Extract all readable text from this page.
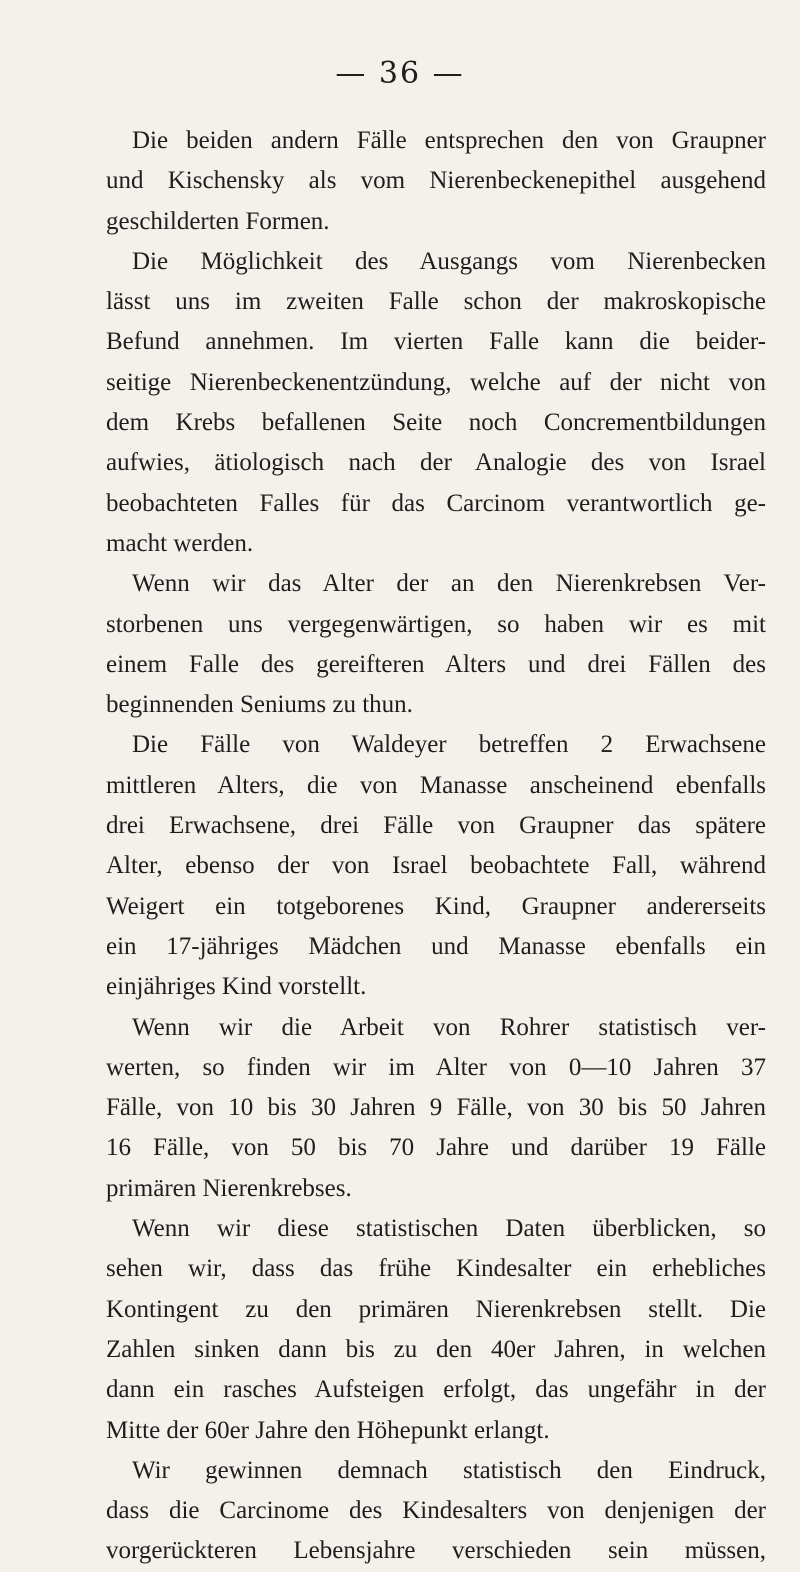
— 36 —
Die beiden andern Fälle entsprechen den von Graupner
und Kischensky als vom Nierenbeckenepithel ausgehend
geschilderten Formen.
Die Möglichkeit des Ausgangs vom Nierenbecken
lässt uns im zweiten Falle schon der makroskopische
Befund annehmen. Im vierten Falle kann die beider-
seitige Nierenbeckenentzündung, welche auf der nicht von
dem Krebs befallenen Seite noch Concrementbildungen
aufwies, ätiologisch nach der Analogie des von Israel
beobachteten Falles für das Carcinom verantwortlich ge-
macht werden.
Wenn wir das Alter der an den Nierenkrebsen Ver-
storbenen uns vergegenwärtigen, so haben wir es mit
einem Falle des gereifteren Alters und drei Fällen des
beginnenden Seniums zu thun.
Die Fälle von Waldeyer betreffen 2 Erwachsene
mittleren Alters, die von Manasse anscheinend ebenfalls
drei Erwachsene, drei Fälle von Graupner das spätere
Alter, ebenso der von Israel beobachtete Fall, während
Weigert ein totgeborenes Kind, Graupner andererseits
ein 17-jähriges Mädchen und Manasse ebenfalls ein
einjähriges Kind vorstellt.
Wenn wir die Arbeit von Rohrer statistisch ver-
werten, so finden wir im Alter von 0—10 Jahren 37
Fälle, von 10 bis 30 Jahren 9 Fälle, von 30 bis 50 Jahren
16 Fälle, von 50 bis 70 Jahre und darüber 19 Fälle
primären Nierenkrebses.
Wenn wir diese statistischen Daten überblicken, so
sehen wir, dass das frühe Kindesalter ein erhebliches
Kontingent zu den primären Nierenkrebsen stellt. Die
Zahlen sinken dann bis zu den 40er Jahren, in welchen
dann ein rasches Aufsteigen erfolgt, das ungefähr in der
Mitte der 60er Jahre den Höhepunkt erlangt.
Wir gewinnen demnach statistisch den Eindruck,
dass die Carcinome des Kindesalters von denjenigen der
vorgerückteren Lebensjahre verschieden sein müssen,
